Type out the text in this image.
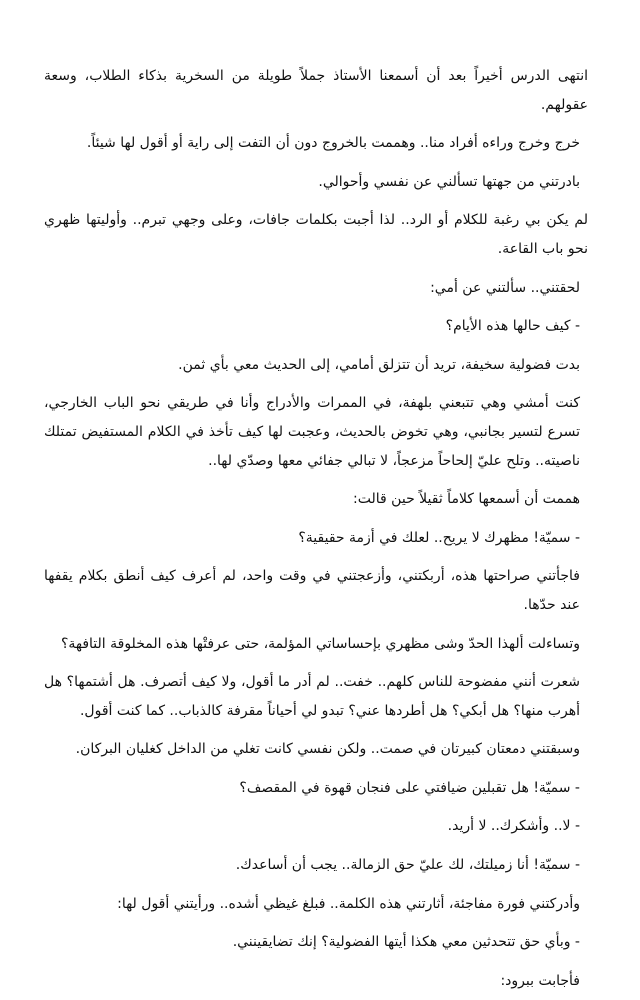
انتهى الدرس أخيراً بعد أن أسمعنا الأستاذ جملاً طويلة من السخرية بذكاء الطلاب، وسعة عقولهم.

خرج وخرج وراءه أفراد منا.. وهممت بالخروج دون أن التفت إلى راية أو أقول لها شيئاً.

بادرتني من جهتها تسألني عن نفسي وأحوالي.

لم يكن بي رغبة للكلام أو الرد.. لذا أجبت بكلمات جافات، وعلى وجهي تبرم.. وأوليتها ظهري نحو باب القاعة.

لحقتني.. سألتني عن أمي:

- كيف حالها هذه الأيام؟

بدت فضولية سخيفة، تريد أن تتزلق أمامي، إلى الحديث معي بأي ثمن.

كنت أمشي وهي تتبعني بلهفة، في الممرات والأدراج وأنا في طريقي نحو الباب الخارجي، تسرع لتسير بجانبي، وهي تخوض بالحديث، وعجبت لها كيف تأخذ في الكلام المستفيض تمتلك ناصيته.. وتلح عليّ إلحاحاً مزعجاً، لا تبالي جفائي معها وصدّي لها..

هممت أن أسمعها كلاماً ثقيلاً حين قالت:

- سميّة! مظهرك لا يريح.. لعلك في أزمة حقيقية؟

فاجأتني صراحتها هذه، أربكتني، وأزعجتني في وقت واحد، لم أعرف كيف أنطق بكلام يقفها عند حدّها.

وتساءلت ألهذا الحدّ وشى مظهري بإحساساتي المؤلمة، حتى عرفتْها هذه المخلوقة التافهة؟

شعرت أنني مفضوحة للناس كلهم.. خفت.. لم أدر ما أقول، ولا كيف أتصرف. هل أشتمها؟ هل أهرب منها؟ هل أبكي؟ هل أطردها عني؟ تبدو لي أحياناً مقرفة كالذباب.. كما كنت أقول.

وسبقتني دمعتان كبيرتان في صمت.. ولكن نفسي كانت تغلي من الداخل كغليان البركان.

- سميّة! هل تقبلين ضيافتي على فنجان قهوة في المقصف؟

- لا.. وأشكرك.. لا أريد.

- سميّة! أنا زميلتك، لك عليّ حق الزمالة.. يجب أن أساعدك.

وأدركتني فورة مفاجئة، أثارتني هذه الكلمة.. فبلغ غيظي أشده.. ورأيتني أقول لها:

- وبأي حق تتحدثين معي هكذا أيتها الفضولية؟ إنك تضايقينني.

فأجابت ببرود:
